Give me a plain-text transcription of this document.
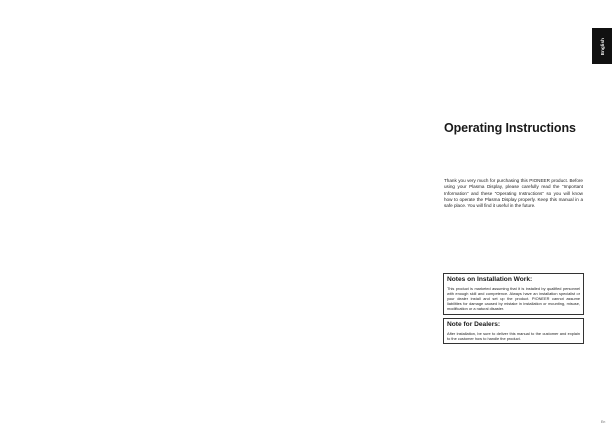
English
Operating Instructions

Thank you very much for purchasing this PIONEER product. Before using your Plasma Display, please carefully read the “Important Information” and these “Operating Instructions” so you will know how to operate the Plasma Display properly. Keep this manual in a safe place. You will find it useful in the future.

Notes on Installation Work:

This product is marketed assuming that it is installed by qualified personnel with enough skill and competence. Always have an installation specialist or your dealer install and set up the product. PIONEER cannot assume liabilities for damage caused by mistake in installation or mounting, misuse, modification or a natural disaster.

Note for Dealers:

After installation, be sure to deliver this manual to the customer and explain to the customer how to handle the product.

En
